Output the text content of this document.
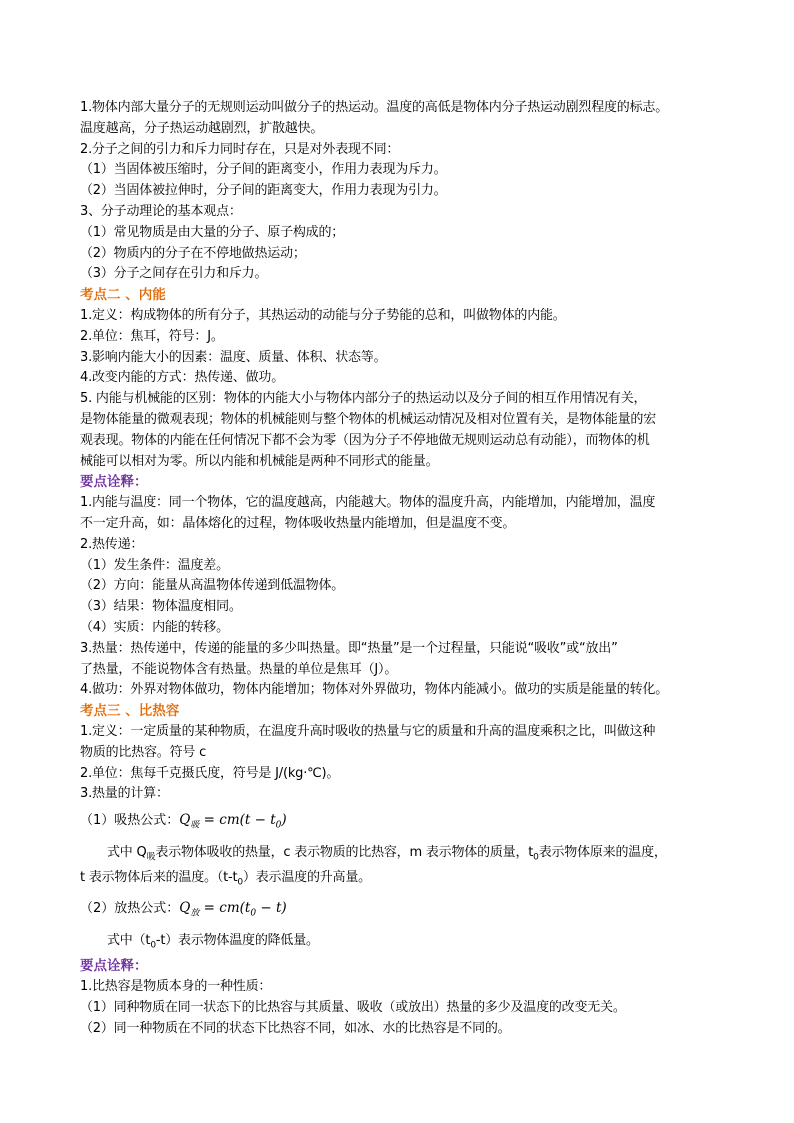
1.物体内部大量分子的无规则运动叫做分子的热运动。温度的高低是物体内分子热运动剧烈程度的标志。
温度越高，分子热运动越剧烈，扩散越快。
2.分子之间的引力和斥力同时存在，只是对外表现不同：
（1）当固体被压缩时，分子间的距离变小，作用力表现为斥力。
（2）当固体被拉伸时，分子间的距离变大，作用力表现为引力。
3、分子动理论的基本观点：
（1）常见物质是由大量的分子、原子构成的；
（2）物质内的分子在不停地做热运动；
（3）分子之间存在引力和斥力。
考点二 、内能
1.定义：构成物体的所有分子，其热运动的动能与分子势能的总和，叫做物体的内能。
2.单位：焦耳，符号：J。
3.影响内能大小的因素：温度、质量、体积、状态等。
4.改变内能的方式：热传递、做功。
5. 内能与机械能的区别：物体的内能大小与物体内部分子的热运动以及分子间的相互作用情况有关，
是物体能量的微观表现；物体的机械能则与整个物体的机械运动情况及相对位置有关，是物体能量的宏
观表现。物体的内能在任何情况下都不会为零（因为分子不停地做无规则运动总有动能），而物体的机
械能可以相对为零。所以内能和机械能是两种不同形式的能量。
要点诠释：
1.内能与温度：同一个物体，它的温度越高，内能越大。物体的温度升高，内能增加，内能增加，温度
不一定升高，如：晶体熔化的过程，物体吸收热量内能增加，但是温度不变。
2.热传递：
（1）发生条件：温度差。
（2）方向：能量从高温物体传递到低温物体。
（3）结果：物体温度相同。
（4）实质：内能的转移。
3.热量：热传递中，传递的能量的多少叫热量。即“热量”是一个过程量，只能说“吸收”或“放出”
了热量，不能说物体含有热量。热量的单位是焦耳（J）。
4.做功：外界对物体做功，物体内能增加；物体对外界做功，物体内能减小。做功的实质是能量的转化。
考点三 、比热容
1.定义：一定质量的某种物质，在温度升高时吸收的热量与它的质量和升高的温度乘积之比，叫做这种
物质的比热容。符号 c
2.单位：焦每千克摄氏度，符号是 J/(kg·℃)。
3.热量的计算：
（1）吸热公式：$Q_吸 = cm(t - t_0)$
式中 $Q_吸$表示物体吸收的热量，c 表示物质的比热容，m 表示物体的质量，$t_0$表示物体原来的温度，
t 表示物体后来的温度。$(t-t_0)$表示温度的升高量。
（2）放热公式：$Q_放 = cm(t_0 - t)$
式中$(t_0-t)$表示物体温度的降低量。
要点诠释：
1.比热容是物质本身的一种性质：
（1）同种物质在同一状态下的比热容与其质量、吸收（或放出）热量的多少及温度的改变无关。
（2）同一种物质在不同的状态下比热容不同，如冰、水的比热容是不同的。
